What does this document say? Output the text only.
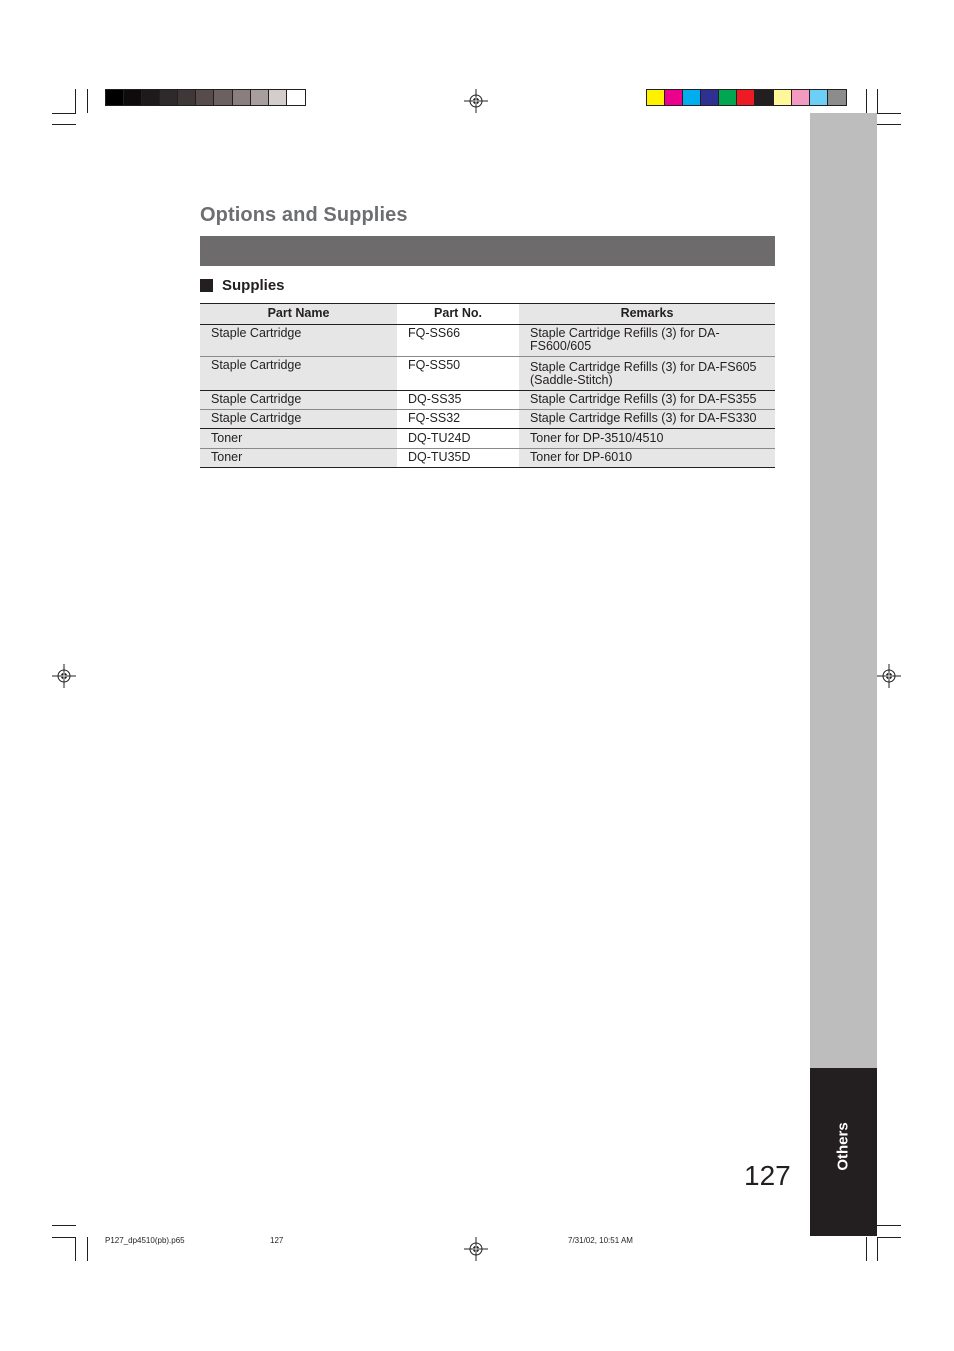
Others
Options and Supplies
Supplies
Part Name	Part No.	Remarks
Staple Cartridge	FQ-SS66	Staple Cartridge Refills (3) for DA-FS600/605
Staple Cartridge	FQ-SS50	Staple Cartridge Refills (3) for DA-FS605 (Saddle-Stitch)

Staple Cartridge	DQ-SS35	Staple Cartridge Refills (3) for DA-FS355
Staple Cartridge	FQ-SS32	Staple Cartridge Refills (3) for DA-FS330
Toner	DQ-TU24D	Toner for DP-3510/4510
Toner	DQ-TU35D	Toner for DP-6010
127
P127_dp4510(pb).p65	127	7/31/02, 10:51 AM
